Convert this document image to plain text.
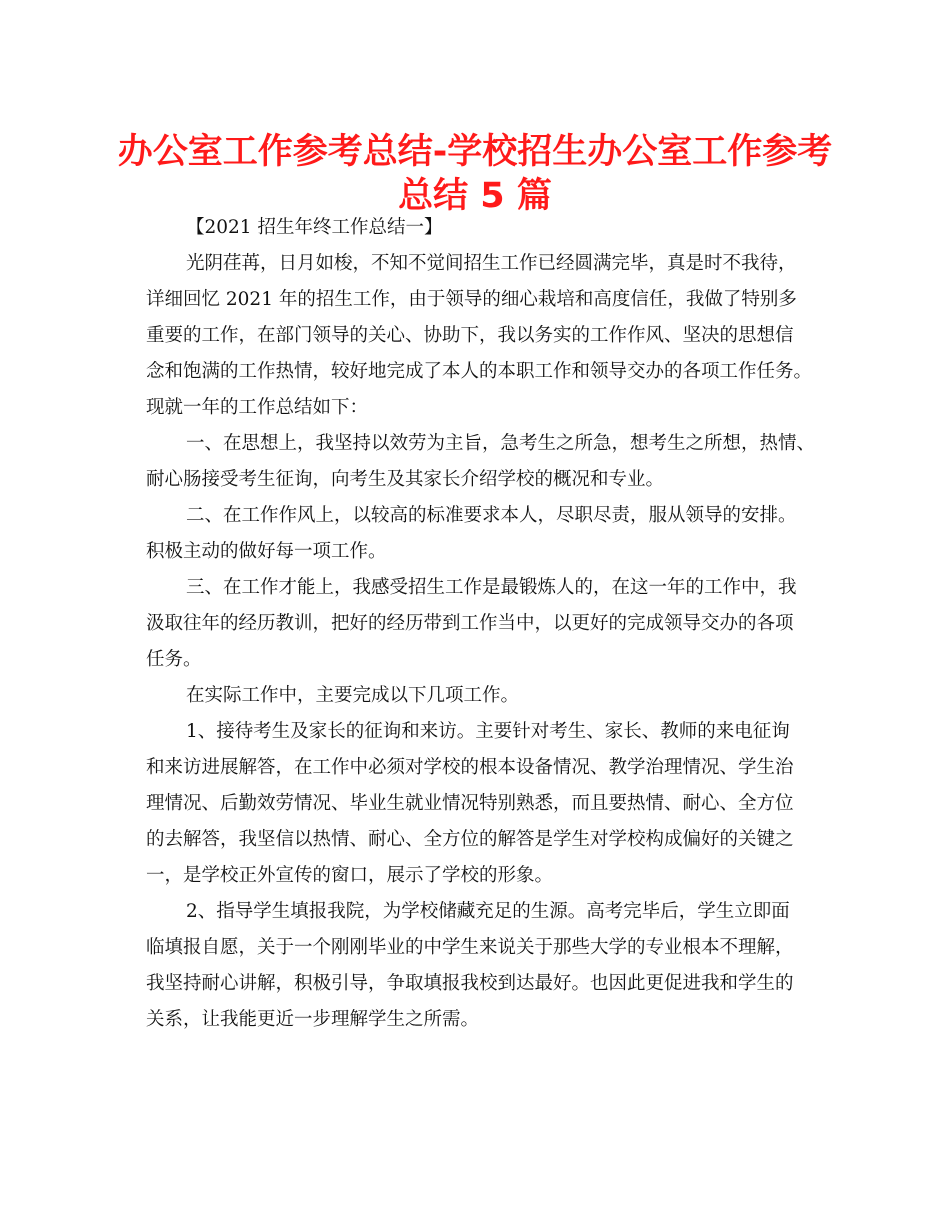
办公室工作参考总结-学校招生办公室工作参考
总结 5 篇
【2021 招生年终工作总结一】
光阴荏苒，日月如梭，不知不觉间招生工作已经圆满完毕，真是时不我待，
详细回忆 2021 年的招生工作，由于领导的细心栽培和高度信任，我做了特别多
重要的工作，在部门领导的关心、协助下，我以务实的工作作风、坚决的思想信
念和饱满的工作热情，较好地完成了本人的本职工作和领导交办的各项工作任务。
现就一年的工作总结如下：
一、在思想上，我坚持以效劳为主旨，急考生之所急，想考生之所想，热情、
耐心肠接受考生征询，向考生及其家长介绍学校的概况和专业。
二、在工作作风上，以较高的标准要求本人，尽职尽责，服从领导的安排。
积极主动的做好每一项工作。
三、在工作才能上，我感受招生工作是最锻炼人的，在这一年的工作中，我
汲取往年的经历教训，把好的经历带到工作当中，以更好的完成领导交办的各项
任务。
在实际工作中，主要完成以下几项工作。
1、接待考生及家长的征询和来访。主要针对考生、家长、教师的来电征询
和来访进展解答，在工作中必须对学校的根本设备情况、教学治理情况、学生治
理情况、后勤效劳情况、毕业生就业情况特别熟悉，而且要热情、耐心、全方位
的去解答，我坚信以热情、耐心、全方位的解答是学生对学校构成偏好的关键之
一，是学校正外宣传的窗口，展示了学校的形象。
2、指导学生填报我院，为学校储藏充足的生源。高考完毕后，学生立即面
临填报自愿，关于一个刚刚毕业的中学生来说关于那些大学的专业根本不理解，
我坚持耐心讲解，积极引导，争取填报我校到达最好。也因此更促进我和学生的
关系，让我能更近一步理解学生之所需。
